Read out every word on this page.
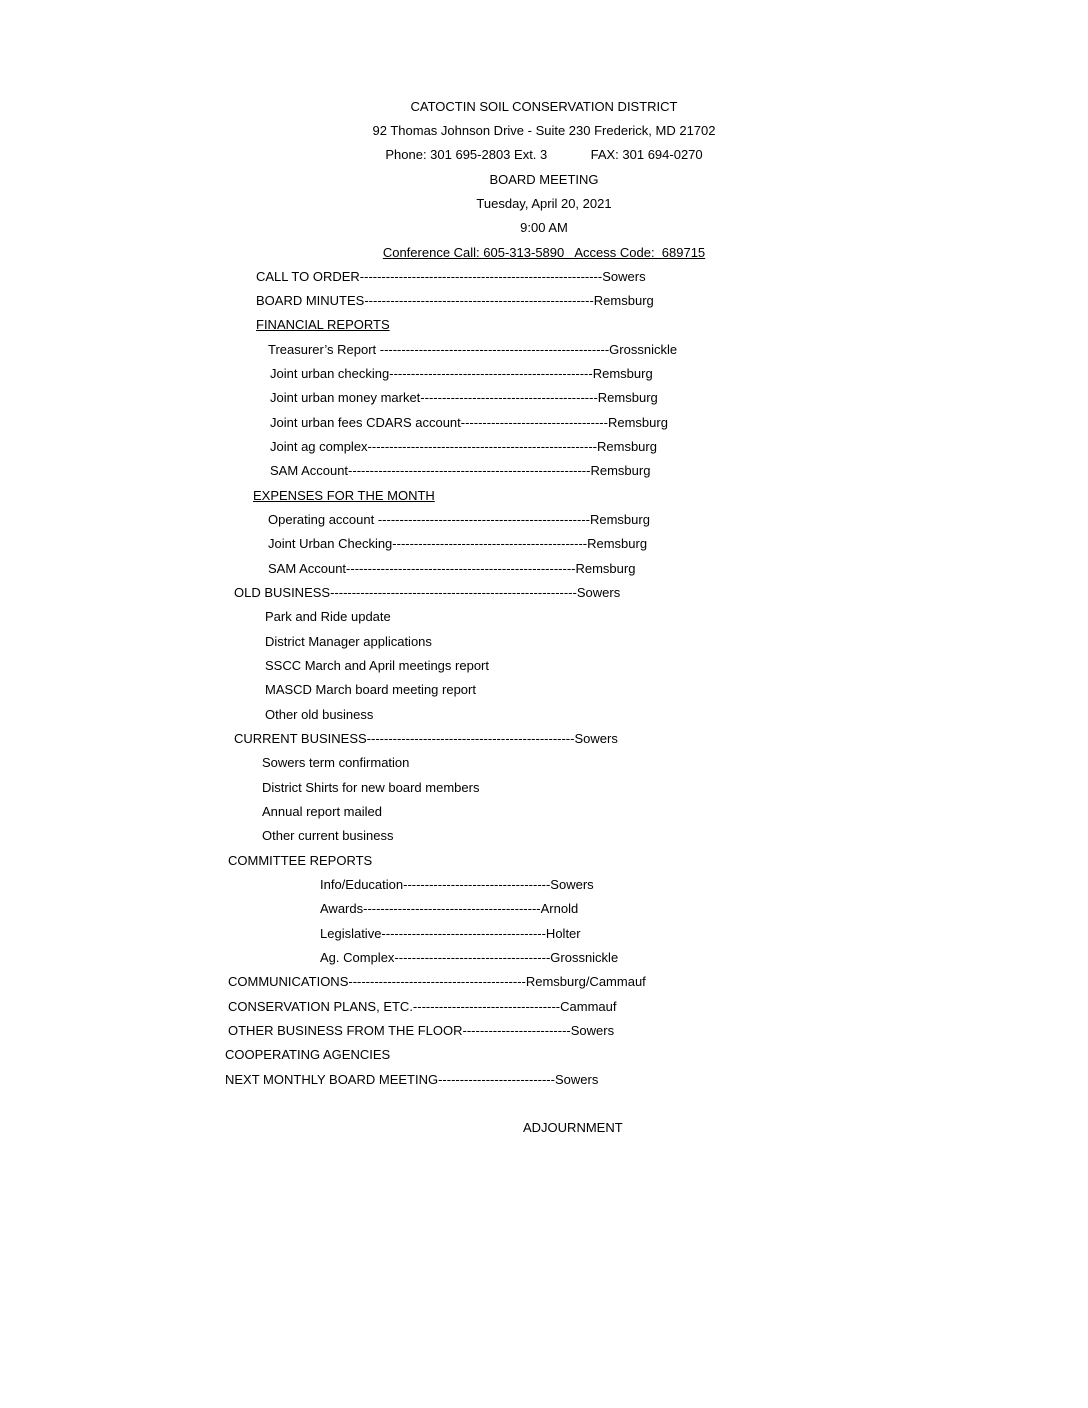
CATOCTIN SOIL CONSERVATION DISTRICT

92 Thomas Johnson Drive - Suite 230 Frederick, MD 21702

Phone: 301 695-2803 Ext. 3	FAX: 301 694-0270

BOARD MEETING

Tuesday, April 20, 2021

9:00 AM

Conference Call: 605-313-5890   Access Code:  689715

CALL TO ORDER--------------------------------------------------------Sowers
BOARD MINUTES-----------------------------------------------------Remsburg
FINANCIAL REPORTS
Treasurer’s Report -----------------------------------------------------Grossnickle
Joint urban checking-----------------------------------------------Remsburg
Joint urban money market-----------------------------------------Remsburg
Joint urban fees CDARS account----------------------------------Remsburg
Joint ag complex-----------------------------------------------------Remsburg
SAM Account--------------------------------------------------------Remsburg
EXPENSES FOR THE MONTH
Operating account -------------------------------------------------Remsburg
Joint Urban Checking---------------------------------------------Remsburg
SAM Account-----------------------------------------------------Remsburg
OLD BUSINESS---------------------------------------------------------Sowers
Park and Ride update
District Manager applications
SSCC March and April meetings report
MASCD March board meeting report
Other old business
CURRENT BUSINESS------------------------------------------------Sowers
Sowers term confirmation
District Shirts for new board members
Annual report mailed
Other current business
COMMITTEE REPORTS
Info/Education----------------------------------Sowers
Awards-----------------------------------------Arnold
Legislative--------------------------------------Holter
Ag. Complex------------------------------------Grossnickle
COMMUNICATIONS-----------------------------------------Remsburg/Cammauf
CONSERVATION PLANS, ETC.----------------------------------Cammauf
OTHER BUSINESS FROM THE FLOOR-------------------------Sowers
COOPERATING AGENCIES
NEXT MONTHLY BOARD MEETING---------------------------Sowers
ADJOURNMENT
